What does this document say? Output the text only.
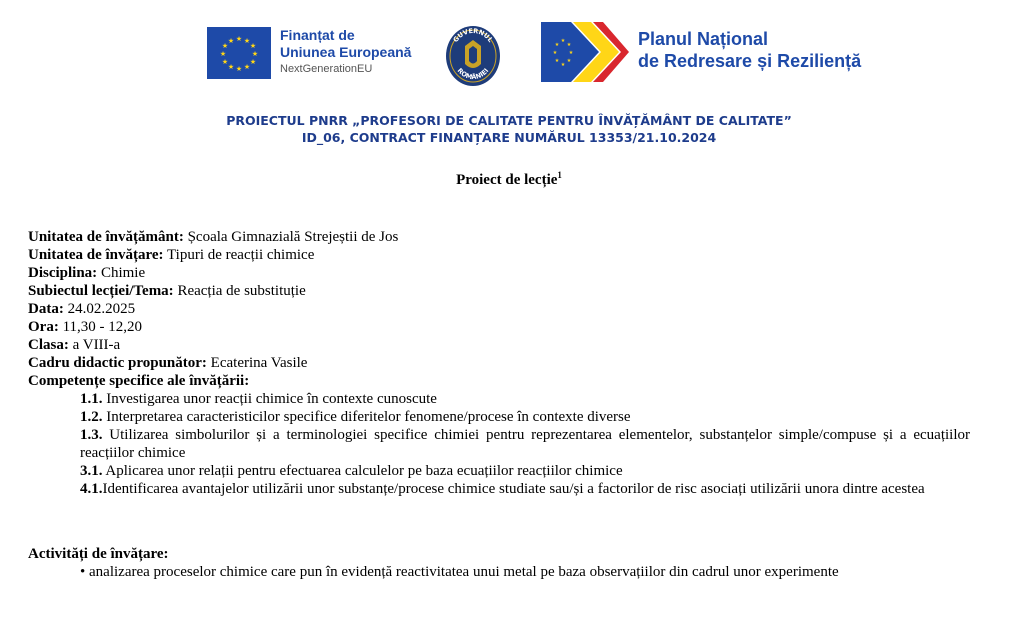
★ ★
★
★
★
★
★
★
★
★
★
★	Finanțat de
Uniunea Europeană
NextGenerationEU
GUVERNUL
ROMÂNIEI
★
★
★
★
★
★
★
★	Planul Național
de Redresare și Reziliență
PROIECTUL PNRR „PROFESORI DE CALITATE PENTRU ÎNVĂȚĂMÂNT DE CALITATE”
ID_06, CONTRACT FINANȚARE NUMĂRUL 13353/21.10.2024
Proiect de lecție$^1$
Unitatea de învățământ: Școala Gimnazială Strejeștii de Jos
Unitatea de învățare: Tipuri de reacții chimice
Disciplina: Chimie
Subiectul lecției/Tema: Reacția de substituție
Data: 24.02.2025
Ora: 11,30 - 12,20
Clasa: a VIII-a
Cadru didactic propunător: Ecaterina Vasile
Competențe specifice ale învățării:
1.1. Investigarea unor reacții chimice în contexte cunoscute
1.2. Interpretarea caracteristicilor specifice diferitelor fenomene/procese în contexte diverse
1.3. Utilizarea simbolurilor și a terminologiei specifice chimiei pentru reprezentarea elementelor, substanțelor simple/compuse și a ecuațiilor reacțiilor chimice
3.1. Aplicarea unor relații pentru efectuarea calculelor pe baza ecuațiilor reacțiilor chimice
4.1.Identificarea avantajelor utilizării unor substanțe/procese chimice studiate sau/și a factorilor de risc asociați utilizării unora dintre acestea
Activități de învățare:
• analizarea proceselor chimice care pun în evidență reactivitatea unui metal pe baza observațiilor din cadrul unor experimente
